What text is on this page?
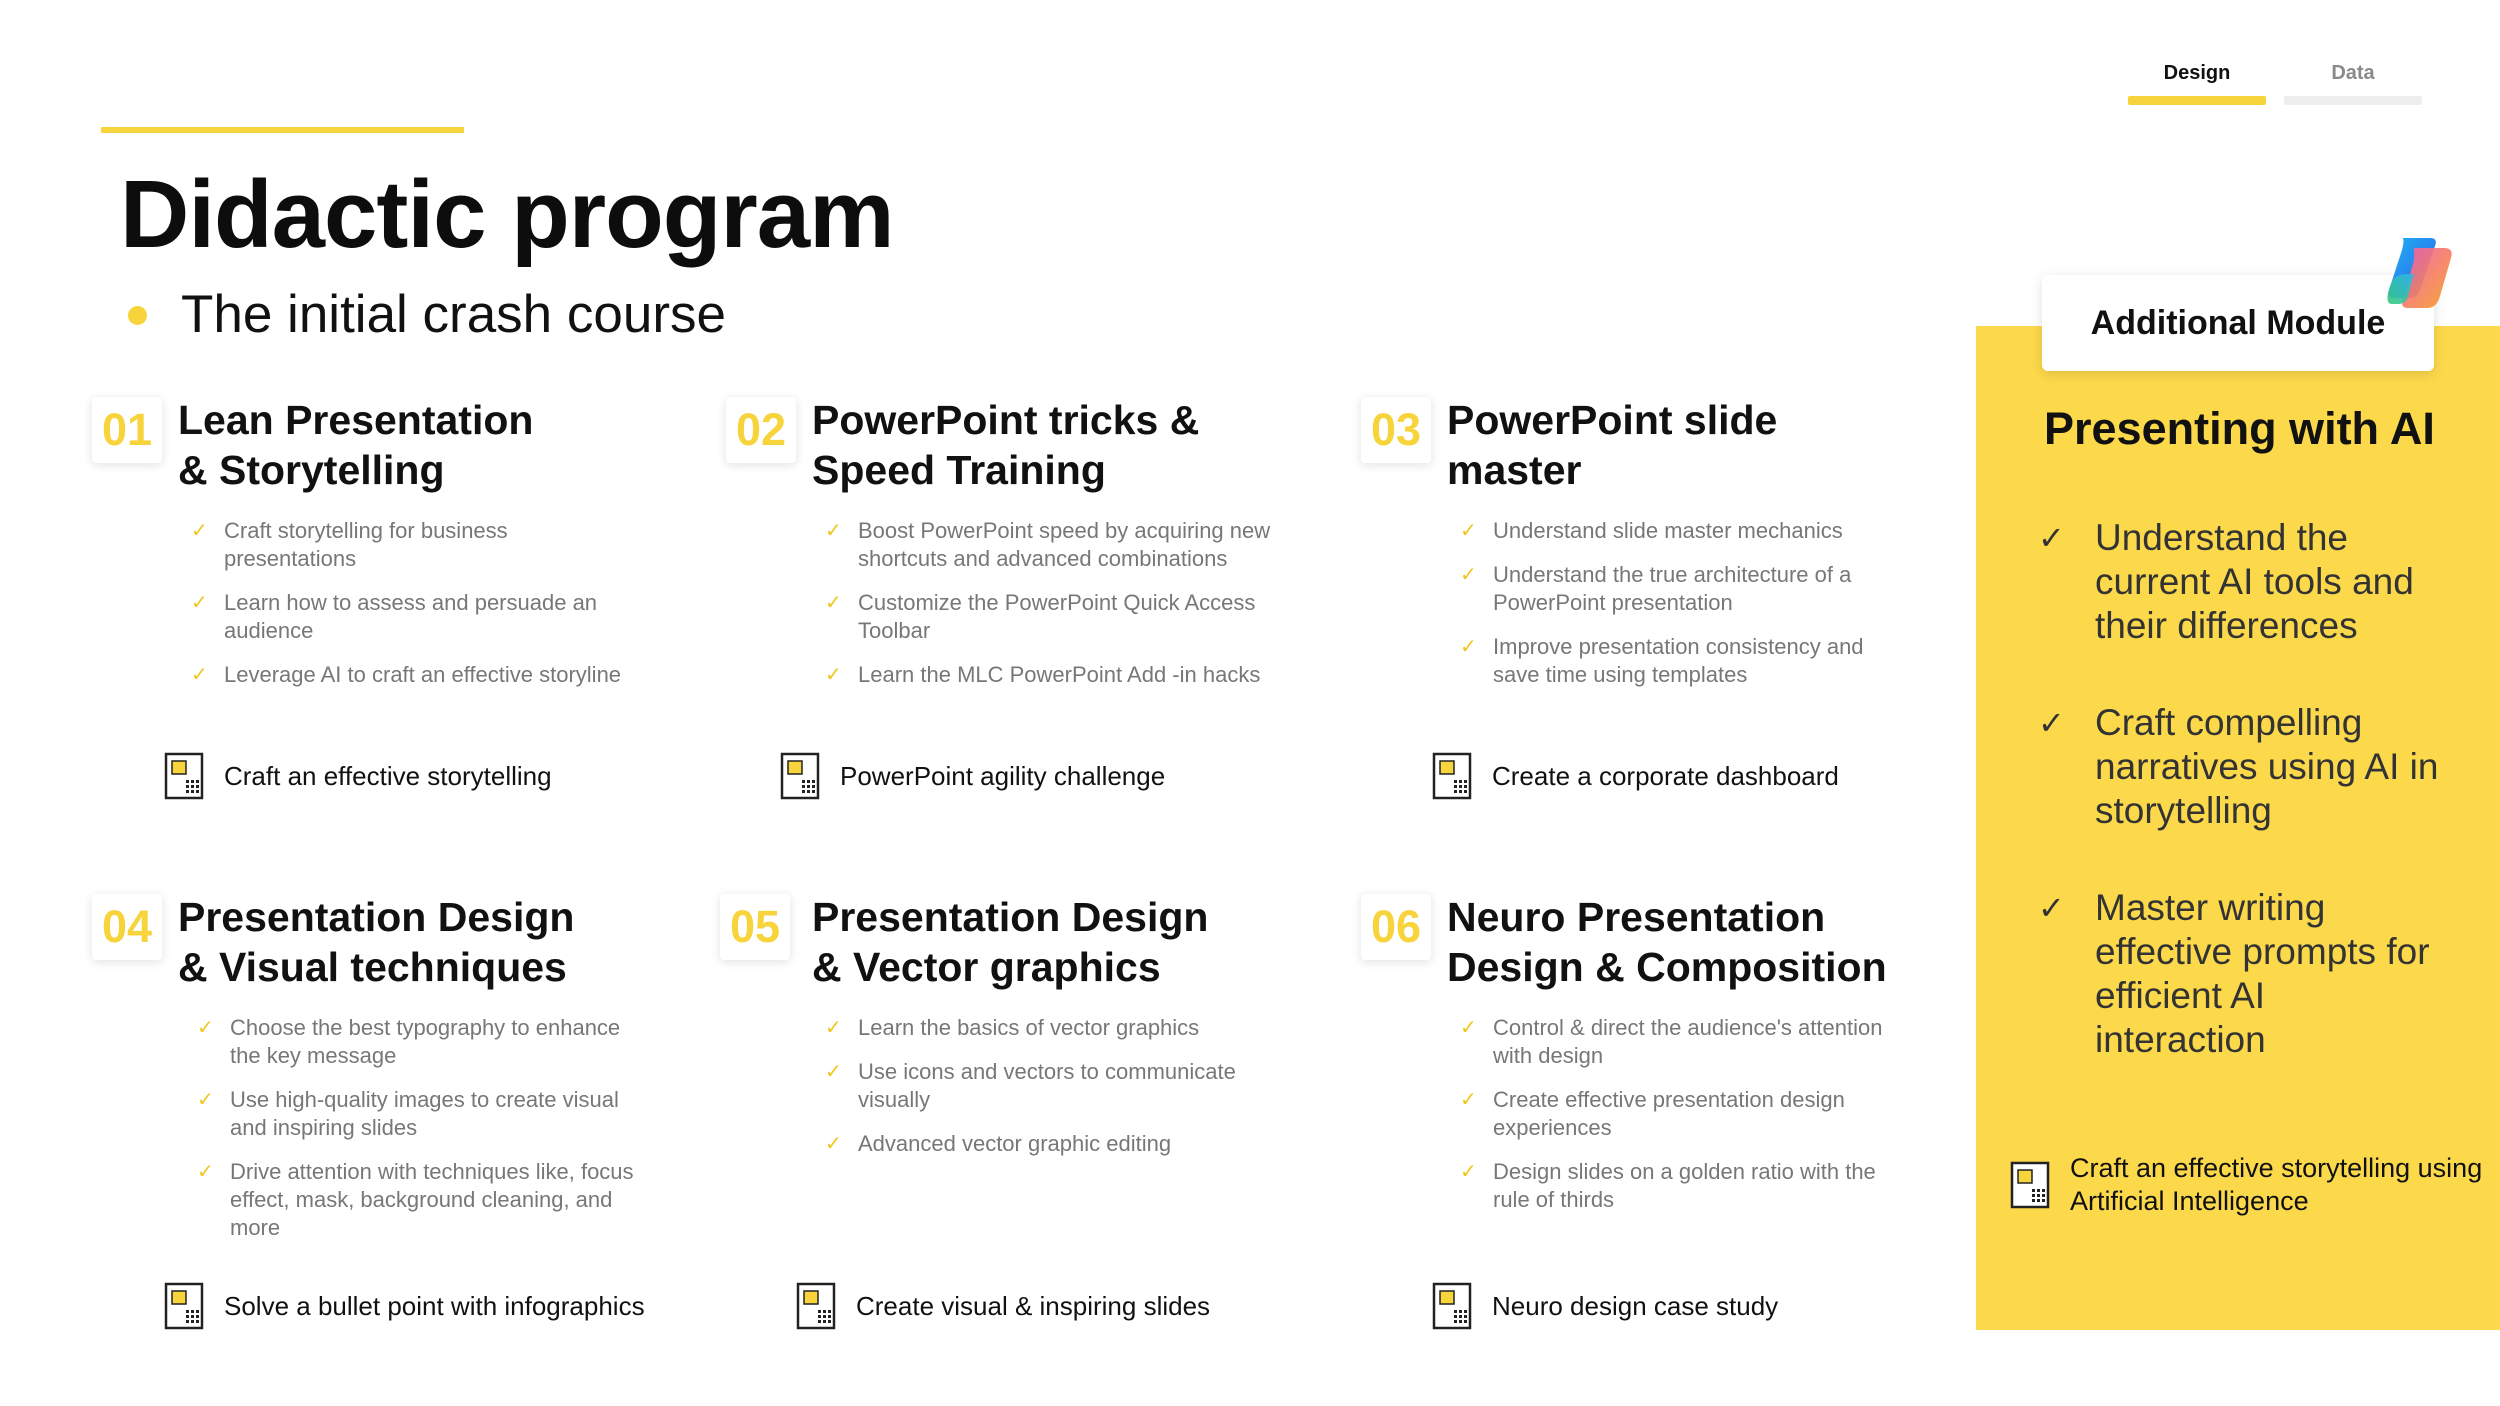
Design	Data
Didactic program
The initial crash course
01 Lean Presentation
& Storytelling
✓ Craft storytelling for business presentations
✓ Learn how to assess and persuade an audience
✓ Leverage AI to craft an effective storyline
Craft an effective storytelling
02 PowerPoint tricks &
Speed Training
✓ Boost PowerPoint speed by acquiring new shortcuts and advanced combinations
✓ Customize the PowerPoint Quick Access Toolbar
✓ Learn the MLC PowerPoint Add -in hacks
PowerPoint agility challenge
03 PowerPoint slide
master
✓ Understand slide master mechanics
✓ Understand the true architecture of a PowerPoint presentation
✓ Improve presentation consistency and save time using templates
Create a corporate dashboard
04 Presentation Design
& Visual techniques
✓ Choose the best typography to enhance the key message
✓ Use high-quality images to create visual and inspiring slides
✓ Drive attention with techniques like, focus effect, mask, background cleaning, and more
Solve a bullet point with infographics
05 Presentation Design
& Vector graphics
✓ Learn the basics of vector graphics
✓ Use icons and vectors to communicate visually
✓ Advanced vector graphic editing
Create visual & inspiring slides
06 Neuro Presentation
Design & Composition
✓ Control & direct the audience's attention with design
✓ Create effective presentation design experiences
✓ Design slides on a golden ratio with the rule of thirds
Neuro design case study
Additional Module
Presenting with AI
✓ Understand the current AI tools and their differences
✓ Craft compelling narratives using AI in storytelling
✓ Master writing effective prompts for efficient AI interaction
Craft an effective storytelling using Artificial Intelligence
